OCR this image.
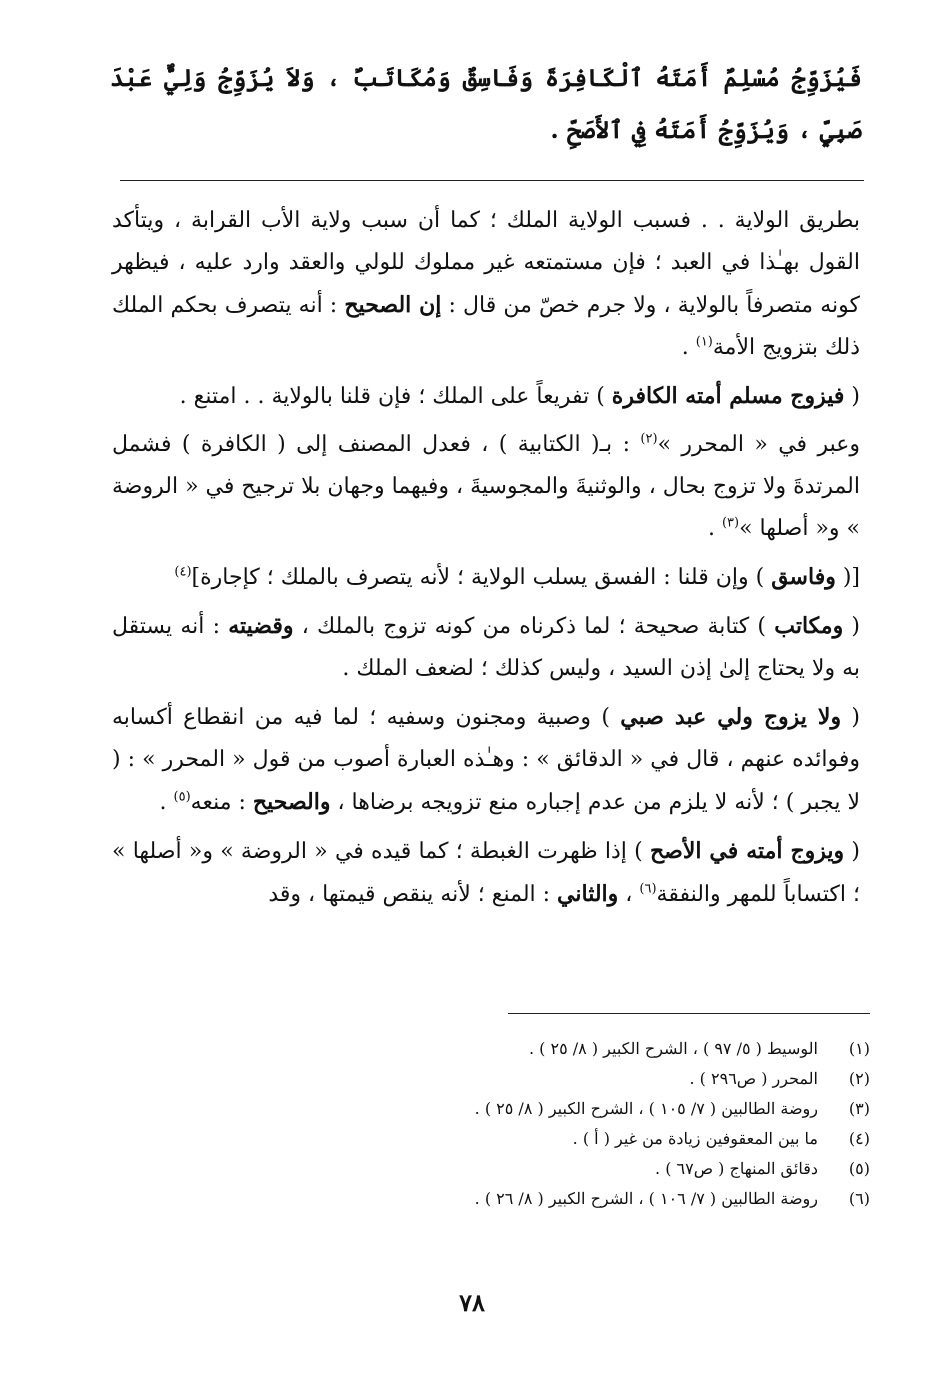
فَيُزَوِّجُ مُسْلِمٌ أَمَتَهُ ٱلْكَافِرَةَ وَفَاسِقٌ وَمُكَاتَبٌ ، وَلاَ يُزَوِّجُ وَلِيٌّ عَبْدَ صَبِيٍّ ، وَيُزَوِّجُ أَمَتَهُ فِي ٱلأَصَحِّ .

بطريق الولاية . . فسبب الولاية الملك ؛ كما أن سبب ولاية الأب القرابة ، ويتأكد القول بهـٰذا في العبد ؛ فإن مستمتعه غير مملوك للولي والعقد وارد عليه ، فيظهر كونه متصرفاً بالولاية ، ولا جرم خصّ من قال : إن الصحيح : أنه يتصرف بحكم الملك ذلك بتزويج الأمة$^{(١)}$ .

( فيزوج مسلم أمته الكافرة ) تفريعاً على الملك ؛ فإن قلنا بالولاية . . امتنع .

وعبر في « المحرر »$^{(٢)}$ : بـ( الكتابية ) ، فعدل المصنف إلى ( الكافرة ) فشمل المرتدةَ ولا تزوج بحال ، والوثنيةَ والمجوسيةَ ، وفيهما وجهان بلا ترجيح في « الروضة » و« أصلها »$^{(٣)}$ .

[( وفاسق ) وإن قلنا : الفسق يسلب الولاية ؛ لأنه يتصرف بالملك ؛ كإجارة]$^{(٤)}$

( ومكاتب ) كتابة صحيحة ؛ لما ذكرناه من كونه تزوج بالملك ، وقضيته : أنه يستقل به ولا يحتاج إلىٰ إذن السيد ، وليس كذلك ؛ لضعف الملك .

( ولا يزوج ولي عبد صبي ) وصبية ومجنون وسفيه ؛ لما فيه من انقطاع أكسابه وفوائده عنهم ، قال في « الدقائق » : وهـٰذه العبارة أصوب من قول « المحرر » : ( لا يجبر ) ؛ لأنه لا يلزم من عدم إجباره منع تزويجه برضاها ، والصحيح : منعه$^{(٥)}$ .

( ويزوج أمته في الأصح ) إذا ظهرت الغبطة ؛ كما قيده في « الروضة » و« أصلها » ؛ اكتساباً للمهر والنفقة$^{(٦)}$ ، والثاني : المنع ؛ لأنه ينقص قيمتها ، وقد

(١)
الوسيط ( ٥/ ٩٧ ) ، الشرح الكبير ( ٨/ ٢٥ ) .
(٢)
المحرر ( ص٢٩٦ ) .
(٣)
روضة الطالبين ( ٧/ ١٠٥ ) ، الشرح الكبير ( ٨/ ٢٥ ) .
(٤)
ما بين المعقوفين زيادة من غير ( أ ) .
(٥)
دقائق المنهاج ( ص٦٧ ) .
(٦)
روضة الطالبين ( ٧/ ١٠٦ ) ، الشرح الكبير ( ٨/ ٢٦ ) .
٧٨
